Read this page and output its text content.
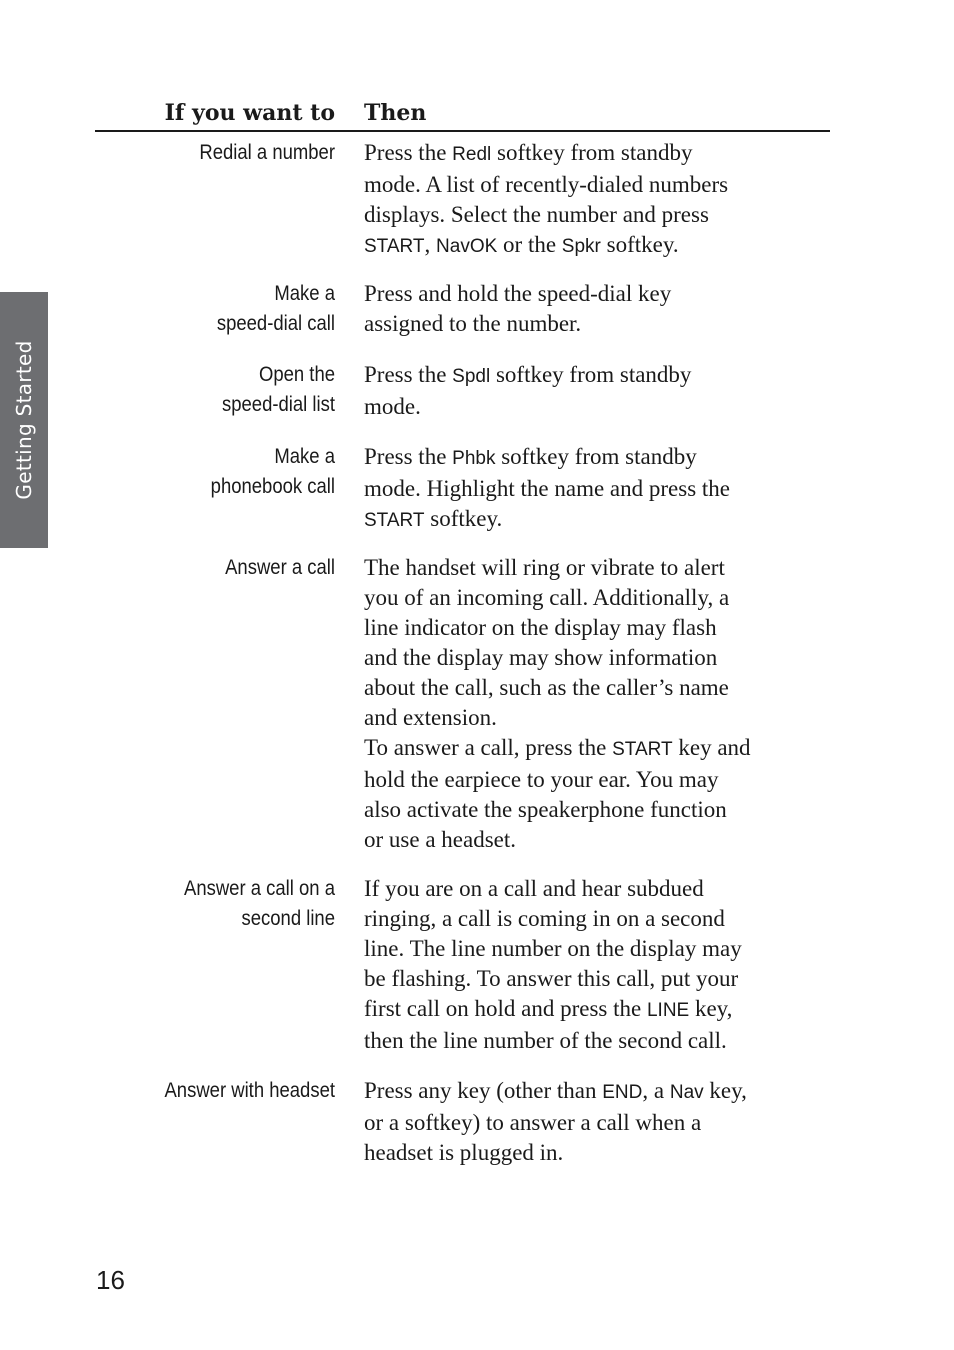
Getting Started
If you want to Then
Redial a number Press the Redl softkey from standby
mode. A list of recently-dialed numbers
displays. Select the number and press
START, NavOK or the Spkr softkey.
Make a
speed-dial call
Press and hold the speed-dial key
assigned to the number.
Open the
speed-dial list
Press the Spdl softkey from standby
mode.
Make a
phonebook call
Press the Phbk softkey from standby
mode. Highlight the name and press the
START softkey.
Answer a call The handset will ring or vibrate to alert
you of an incoming call. Additionally, a
line indicator on the display may flash
and the display may show information
about the call, such as the caller’s name
and extension.
To answer a call, press the START key and
hold the earpiece to your ear. You may
also activate the speakerphone function
or use a headset.
Answer a call on a
second line
If you are on a call and hear subdued
ringing, a call is coming in on a second
line. The line number on the display may
be flashing. To answer this call, put your
first call on hold and press the LINE key,
then the line number of the second call.
Answer with headset Press any key (other than END, a Nav key,
or a softkey) to answer a call when a
headset is plugged in.
16
